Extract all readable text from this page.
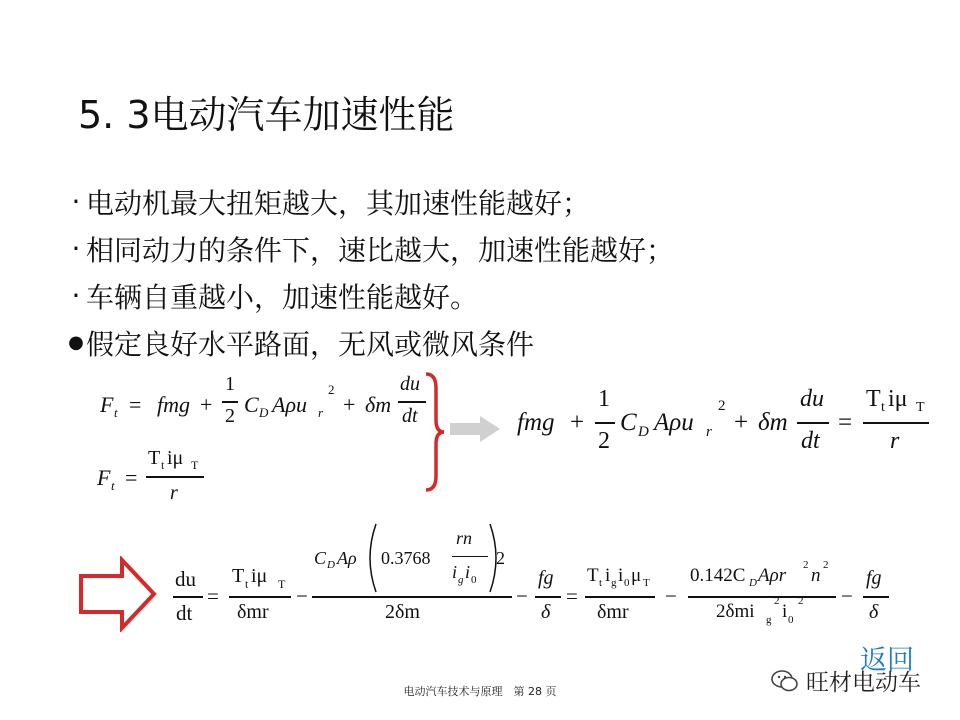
5. 3电动汽车加速性能
· 电动机最大扭矩越大，其加速性能越好；
· 相同动力的条件下，速比越大，加速性能越好；
· 车辆自重越小，加速性能越好。
● 假定良好水平路面，无风或微风条件
F t = fmg +
1
2 C D Aρu r
2
+ δm
du
dt
F t =
T t iμ T
r
fmg +
1
2
C D Aρu r
2
+ δm
du
dt
=
T t iμ T
r
du
dt
=
T t iμ T
δmr
−
C D Aρ 0.3768
rn
i g i 0
2
2δm
−
fg
δ
=
T t i g i 0 μ T
δmr
−
0.142C D Aρr 2 n 2
2δmi g
2 i 0
2 −
fg
δ
返回
旺材电动车
电动汽车技术与原理　第 28 页
